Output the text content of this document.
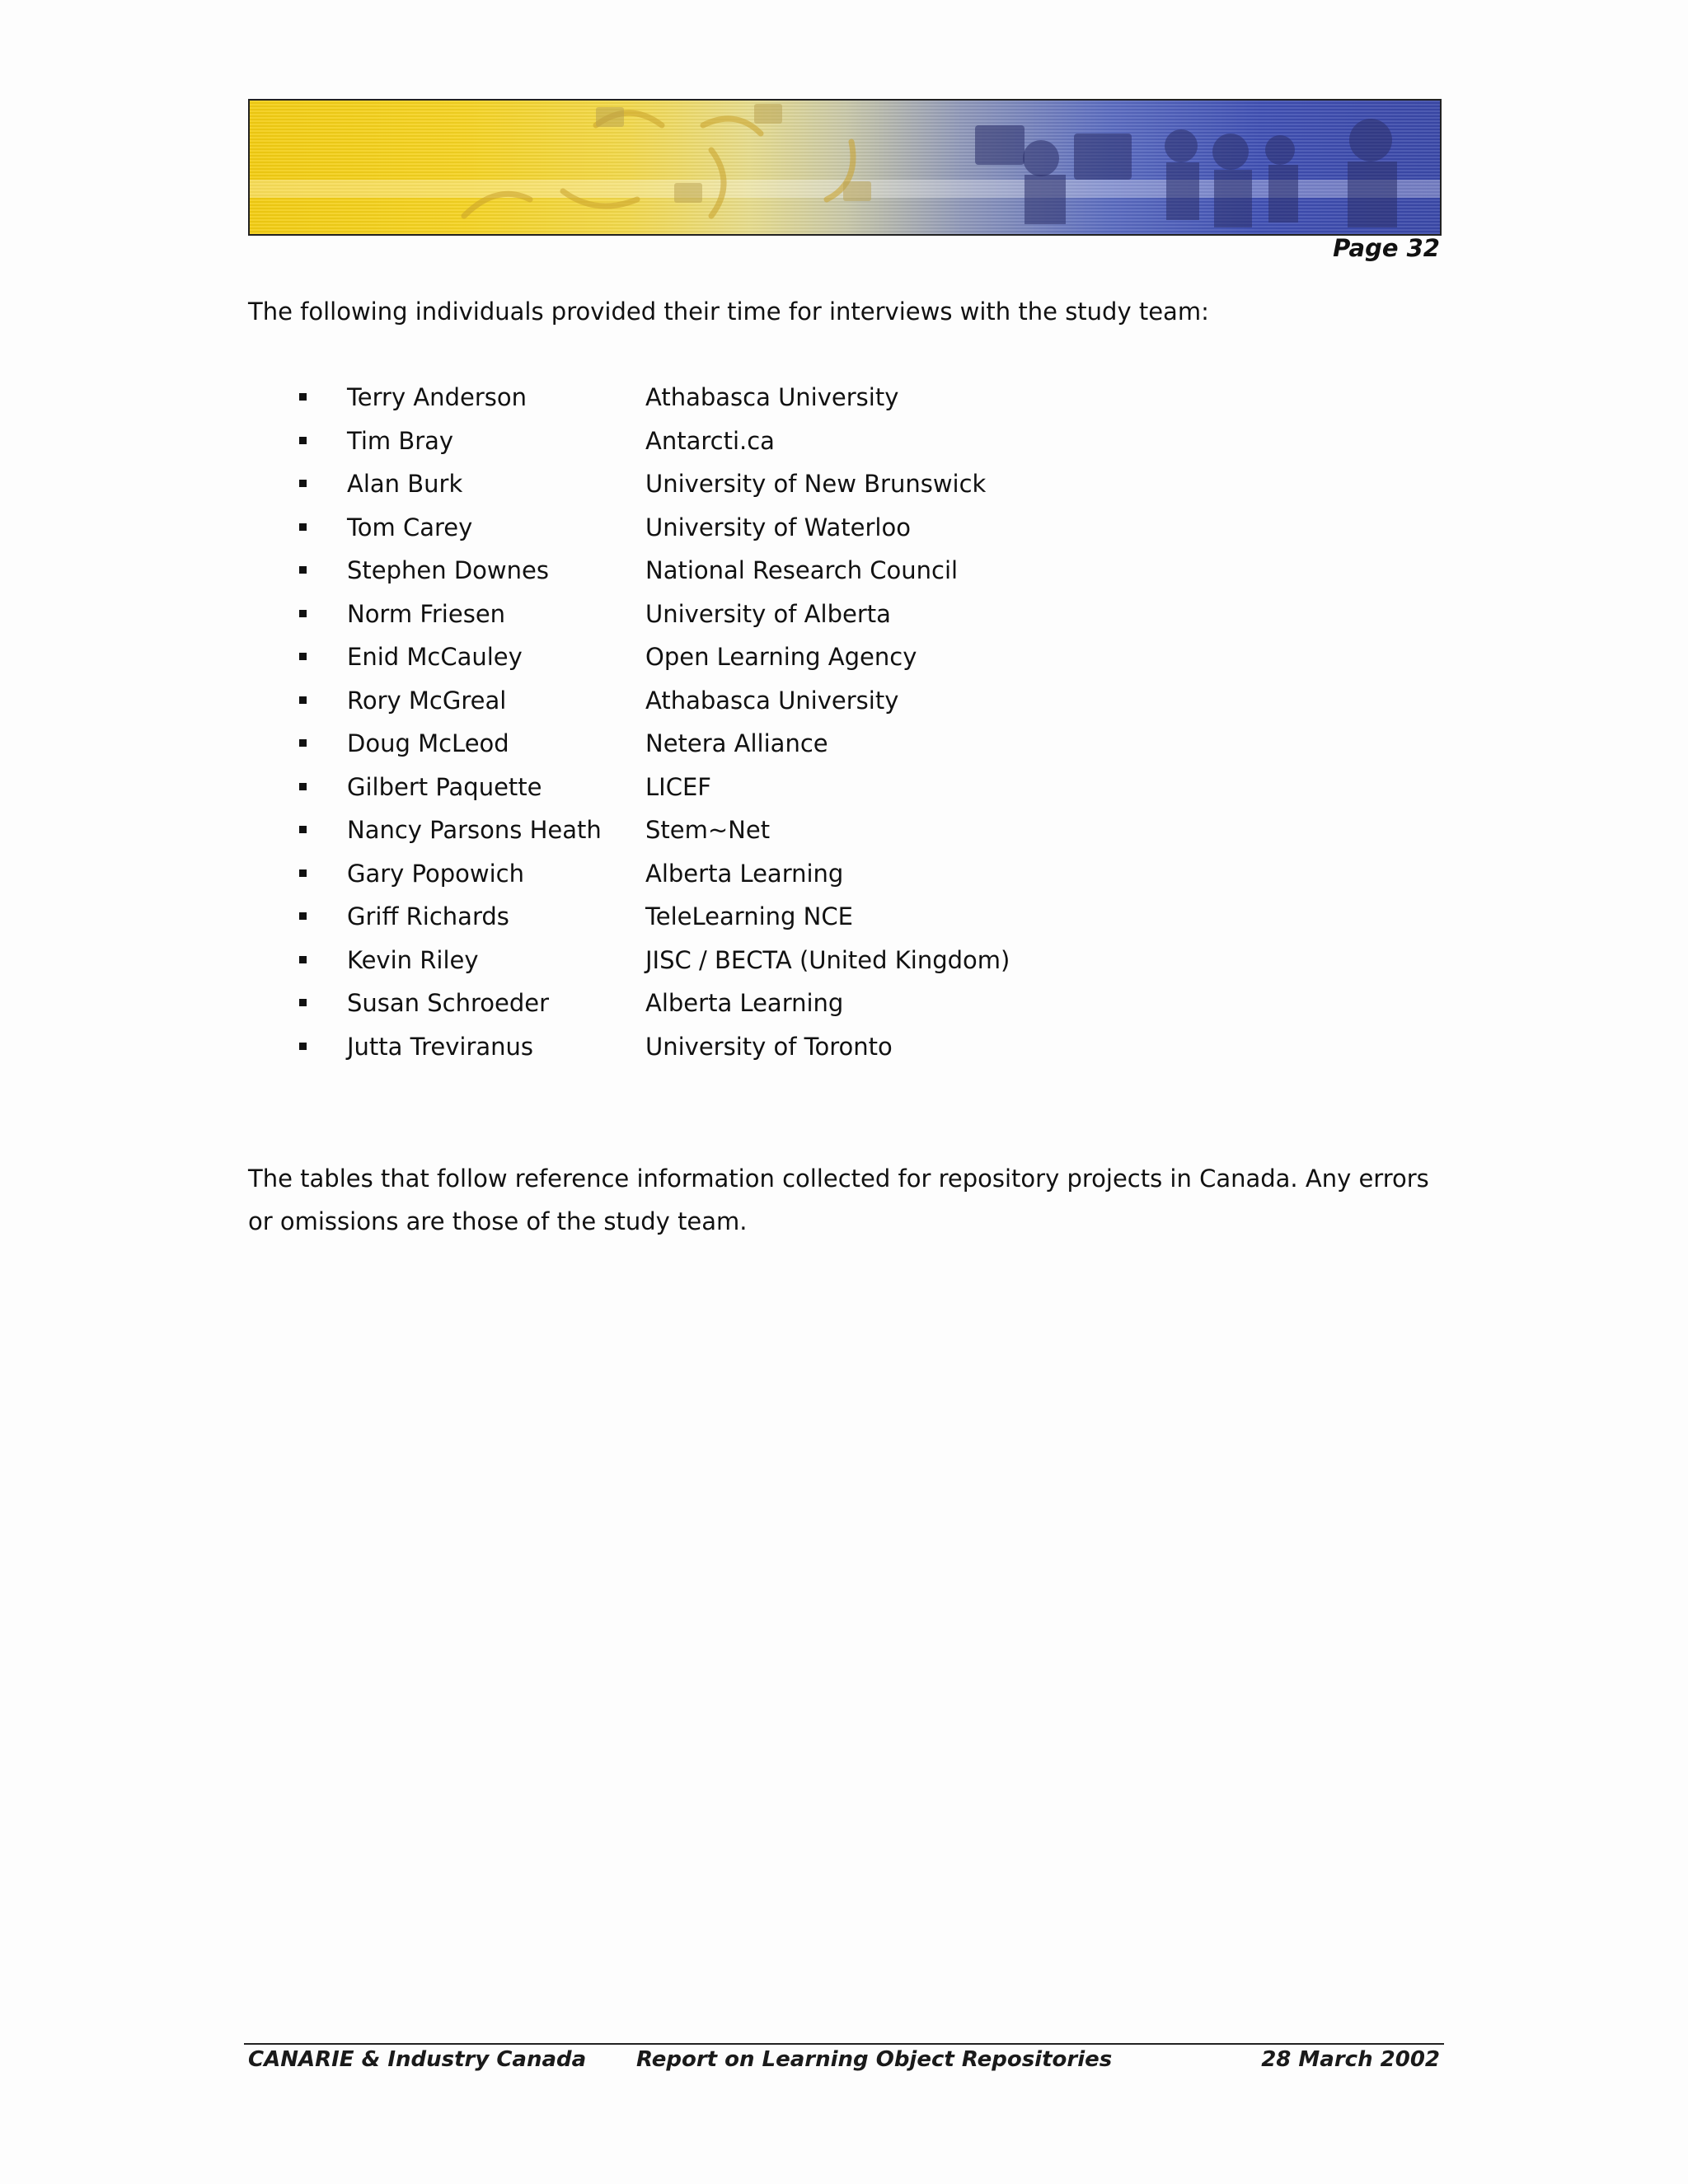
Page 32
The following individuals provided their time for interviews with the study team:
Terry Anderson	Athabasca University
Tim Bray	Antarcti.ca
Alan Burk	University of New Brunswick
Tom Carey	University of Waterloo
Stephen Downes	National Research Council
Norm Friesen	University of Alberta
Enid McCauley	Open Learning Agency
Rory McGreal	Athabasca University
Doug McLeod	Netera Alliance
Gilbert Paquette	LICEF
Nancy Parsons Heath Stem~Net
Gary Popowich	Alberta Learning
Griff Richards	TeleLearning NCE
Kevin Riley	JISC / BECTA (United Kingdom)
Susan Schroeder	Alberta Learning
Jutta Treviranus	University of Toronto

The tables that follow reference information collected for repository projects in Canada. Any errors or omissions are those of the study team.

CANARIE & Industry Canada Report on Learning Object Repositories	28 March 2002
